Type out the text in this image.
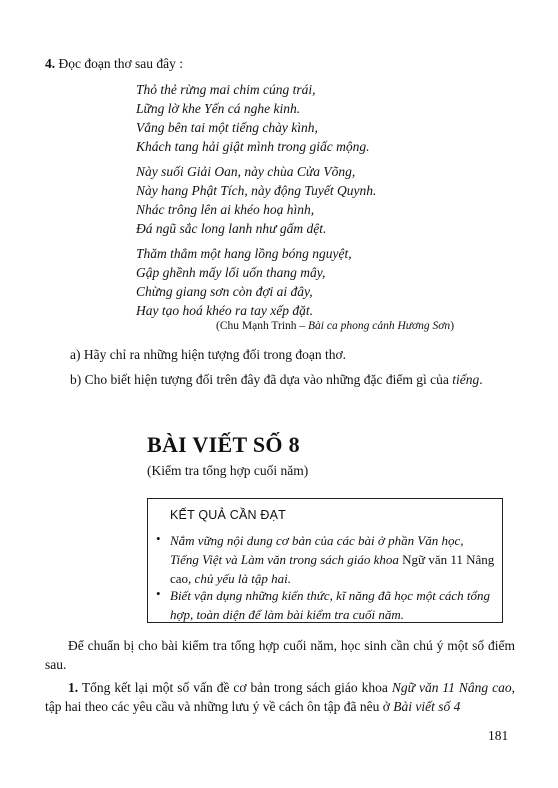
4. Đọc đoạn thơ sau đây :
Thỏ thẻ rừng mai chim cúng trái,
Lững lờ khe Yến cá nghe kinh.
Vẳng bên tai một tiếng chày kình,
Khách tang hải giật mình trong giấc mộng.
Này suối Giải Oan, này chùa Cửa Võng,
Này hang Phật Tích, này động Tuyết Quynh.
Nhác trông lên ai khéo hoạ hình,
Đá ngũ sắc long lanh như gấm dệt.
Thăm thẳm một hang lồng bóng nguyệt,
Gập ghềnh mấy lối uốn thang mây,
Chừng giang sơn còn đợi ai đây,
Hay tạo hoá khéo ra tay xếp đặt.
(Chu Mạnh Trinh – Bài ca phong cảnh Hương Sơn)
a) Hãy chỉ ra những hiện tượng đối trong đoạn thơ.
b) Cho biết hiện tượng đối trên đây đã dựa vào những đặc điểm gì của tiếng.
BÀI VIẾT SỐ 8
(Kiểm tra tổng hợp cuối năm)
KẾT QUẢ CẦN ĐẠT
• Nắm vững nội dung cơ bản của các bài ở phần Văn học, Tiếng Việt và Làm văn trong sách giáo khoa Ngữ văn 11 Nâng cao, chủ yếu là tập hai.
• Biết vận dụng những kiến thức, kĩ năng đã học một cách tổng hợp, toàn diện để làm bài kiểm tra cuối năm.
Để chuẩn bị cho bài kiểm tra tổng hợp cuối năm, học sinh cần chú ý một số điểm sau.
1. Tổng kết lại một số vấn đề cơ bản trong sách giáo khoa Ngữ văn 11 Nâng cao, tập hai theo các yêu cầu và những lưu ý về cách ôn tập đã nêu ở Bài viết số 4
181
